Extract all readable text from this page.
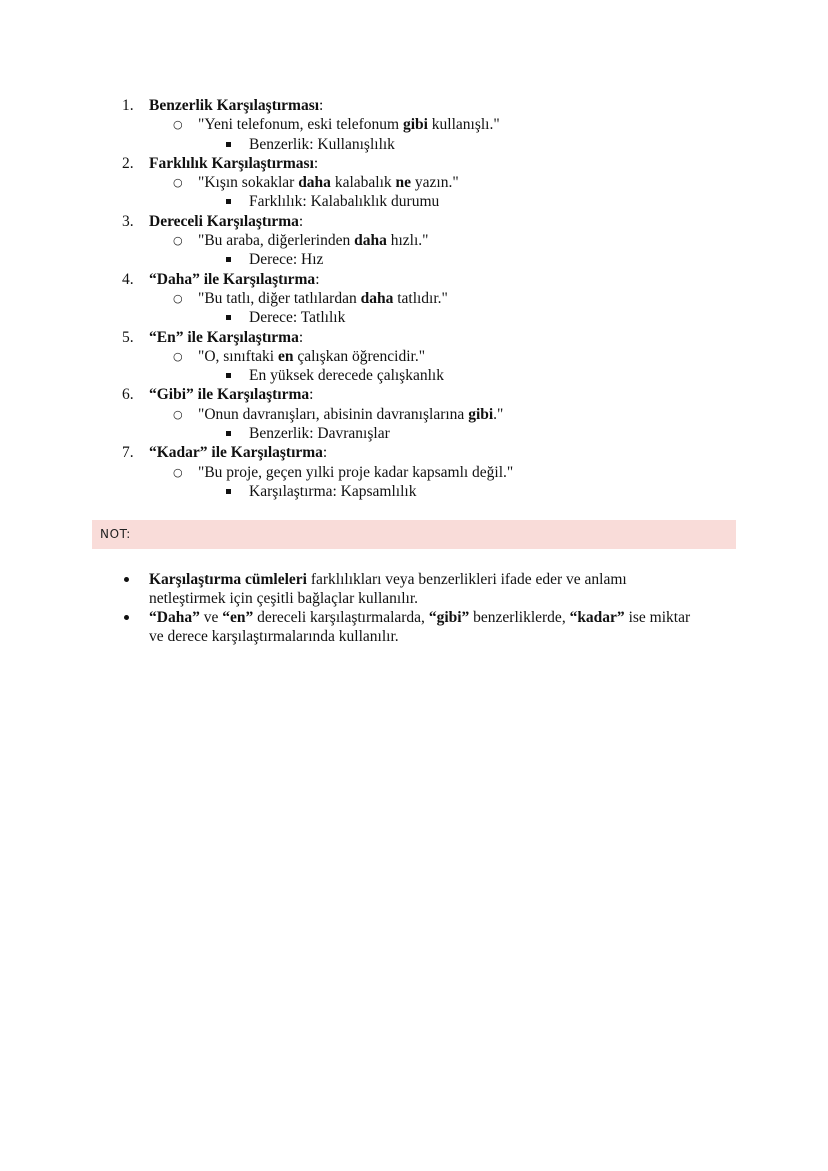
1. Benzerlik Karşılaştırması:
○ "Yeni telefonum, eski telefonum gibi kullanışlı."
Benzerlik: Kullanışlılık
2. Farklılık Karşılaştırması:
○ "Kışın sokaklar daha kalabalık ne yazın."
Farklılık: Kalabalıklık durumu
3. Dereceli Karşılaştırma:
○ "Bu araba, diğerlerinden daha hızlı."
Derece: Hız
4. “Daha” ile Karşılaştırma:
○ "Bu tatlı, diğer tatlılardan daha tatlıdır."
Derece: Tatlılık
5. “En” ile Karşılaştırma:
○ "O, sınıftaki en çalışkan öğrencidir."
En yüksek derecede çalışkanlık
6. “Gibi” ile Karşılaştırma:
○ "Onun davranışları, abisinin davranışlarına gibi."
Benzerlik: Davranışlar
7. “Kadar” ile Karşılaştırma:
○ "Bu proje, geçen yılki proje kadar kapsamlı değil."
Karşılaştırma: Kapsamlılık
NOT:
Karşılaştırma cümleleri farklılıkları veya benzerlikleri ifade eder ve anlamı netleştirmek için çeşitli bağlaçlar kullanılır.
“Daha” ve “en” dereceli karşılaştırmalarda, “gibi” benzerliklerde, “kadar” ise miktar ve derece karşılaştırmalarında kullanılır.
